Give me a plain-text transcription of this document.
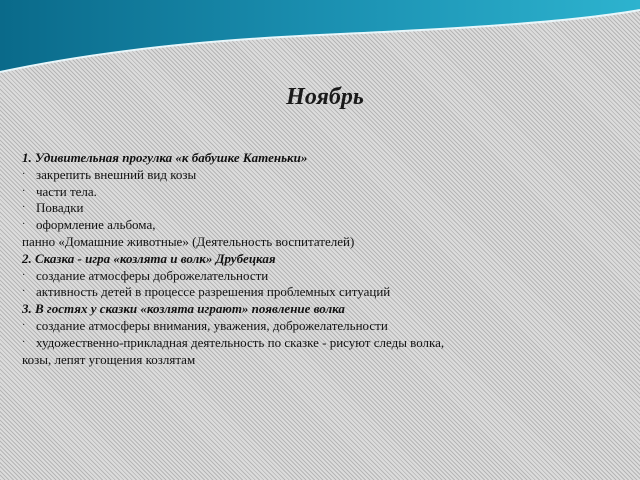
Ноябрь
1. Удивительная прогулка «к бабушке Катеньки»
· закрепить внешний вид козы
· части тела.
· Повадки
· оформление альбома,
панно «Домашние животные» (Деятельность воспитателей)
2. Сказка - игра «козлята и волк» Друбецкая
· создание атмосферы доброжелательности
· активность детей в процессе разрешения проблемных ситуаций
3. В гостях у сказки «козлята играют» появление волка
· создание атмосферы внимания, уважения, доброжелательности
· художественно-прикладная деятельность по сказке - рисуют следы волка,
козы, лепят угощения козлятам
